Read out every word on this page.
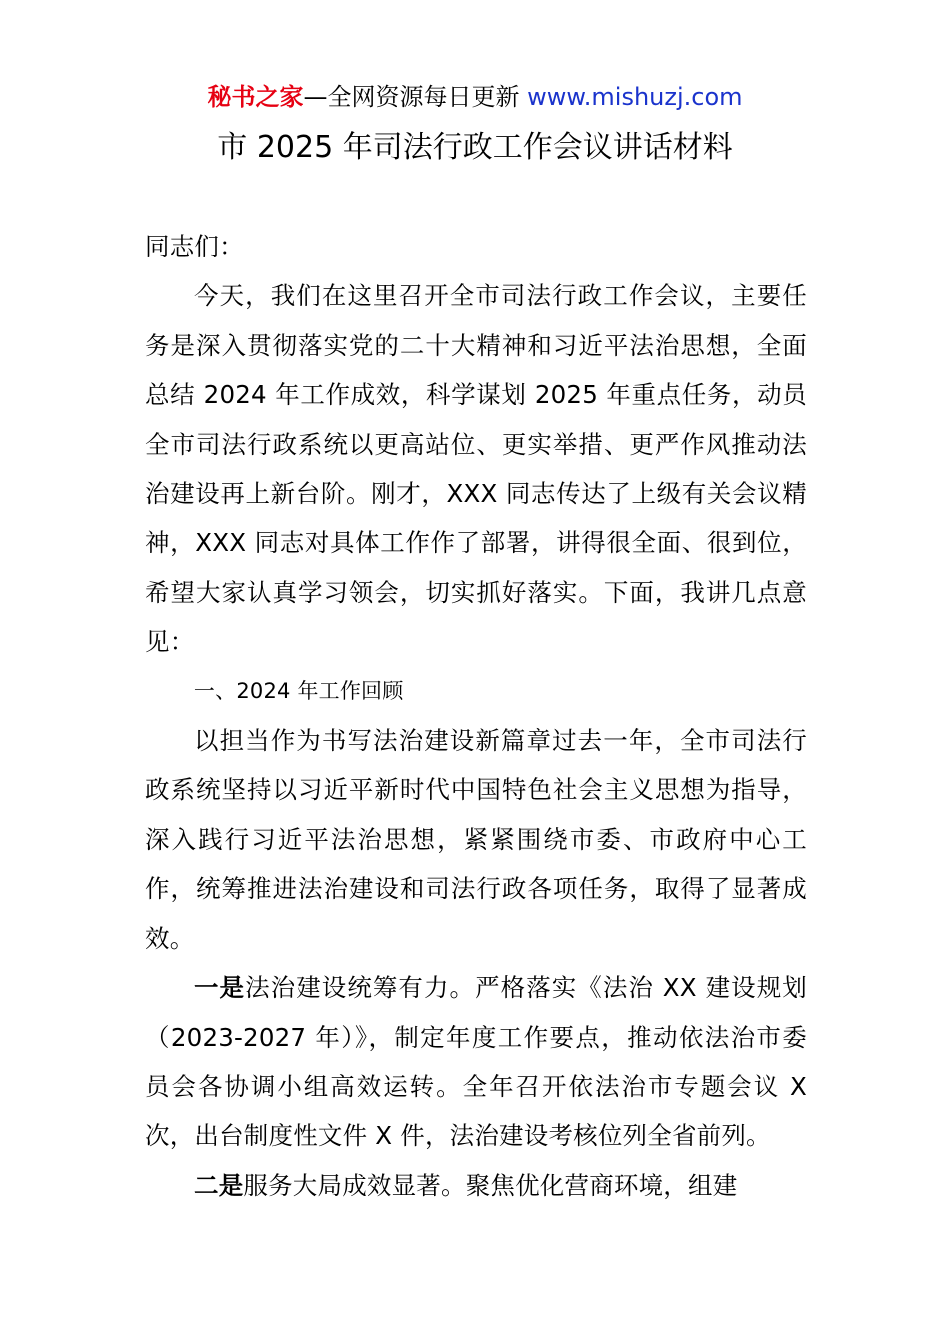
秘书之家—全网资源每日更新 www.mishuzj.com
市 2025 年司法行政工作会议讲话材料

同志们：

今天，我们在这里召开全市司法行政工作会议，主要任务是深入贯彻落实党的二十大精神和习近平法治思想，全面总结 2024 年工作成效，科学谋划 2025 年重点任务，动员全市司法行政系统以更高站位、更实举措、更严作风推动法治建设再上新台阶。刚才，XXX 同志传达了上级有关会议精神，XXX 同志对具体工作作了部署，讲得很全面、很到位，希望大家认真学习领会，切实抓好落实。下面，我讲几点意见：

一、2024 年工作回顾

以担当作为书写法治建设新篇章过去一年，全市司法行政系统坚持以习近平新时代中国特色社会主义思想为指导，深入践行习近平法治思想，紧紧围绕市委、市政府中心工作，统筹推进法治建设和司法行政各项任务，取得了显著成效。

一是法治建设统筹有力。严格落实《法治 XX 建设规划（2023-2027 年）》，制定年度工作要点，推动依法治市委员会各协调小组高效运转。全年召开依法治市专题会议 X 次，出台制度性文件 X 件，法治建设考核位列全省前列。

二是服务大局成效显著。聚焦优化营商环境，组建
